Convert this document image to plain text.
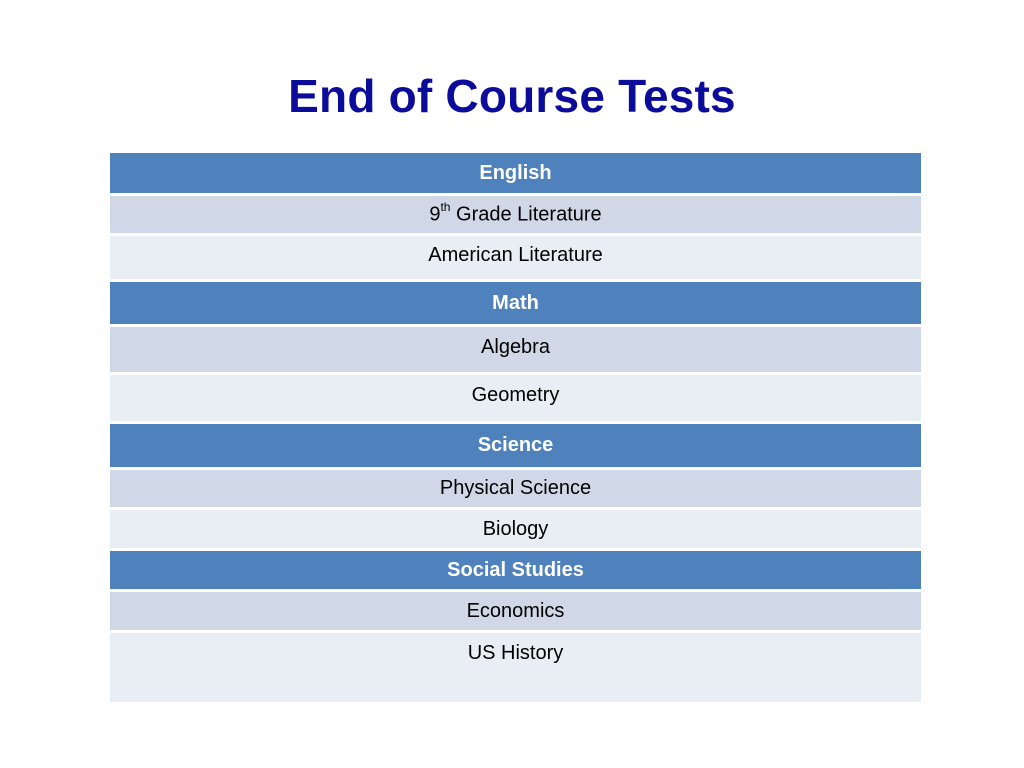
End of Course Tests
English
9th Grade Literature
American Literature
Math
Algebra
Geometry
Science
Physical Science
Biology
Social Studies
Economics
US History
